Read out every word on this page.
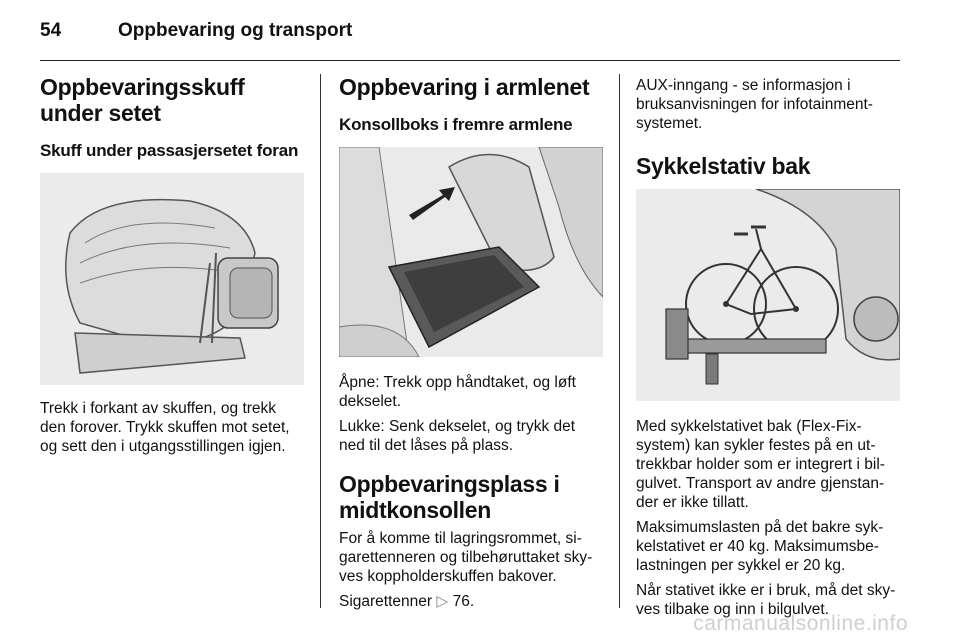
54	Oppbevaring og transport
Oppbevaringsskuff under setet
Skuff under passasjersetet foran

Trekk i forkant av skuffen, og trekk den forover. Trykk skuffen mot setet, og sett den i utgangsstillingen igjen.

Oppbevaring i armlenet
Konsollboks i fremre armlene

Åpne: Trekk opp håndtaket, og løft dekselet.

Lukke: Senk dekselet, og trykk det ned til det låses på plass.

Oppbevaringsplass i midtkonsollen

For å komme til lagringsrommet, sigarettenneren og tilbehøruttaket skyves koppholderskuffen bakover.

Sigarettenner ▷ 76.

AUX-inngang - se informasjon i bruksanvisningen for infotainment-systemet.

Sykkelstativ bak

Med sykkelstativet bak (Flex-Fix-system) kan sykler festes på en uttrekkbar holder som er integrert i bilgulvet. Transport av andre gjenstander er ikke tillatt.

Maksimumslasten på det bakre sykkelstativet er 40 kg. Maksimumsbelastningen per sykkel er 20 kg.

Når stativet ikke er i bruk, må det skyves tilbake og inn i bilgulvet.

carmanualsonline.info
